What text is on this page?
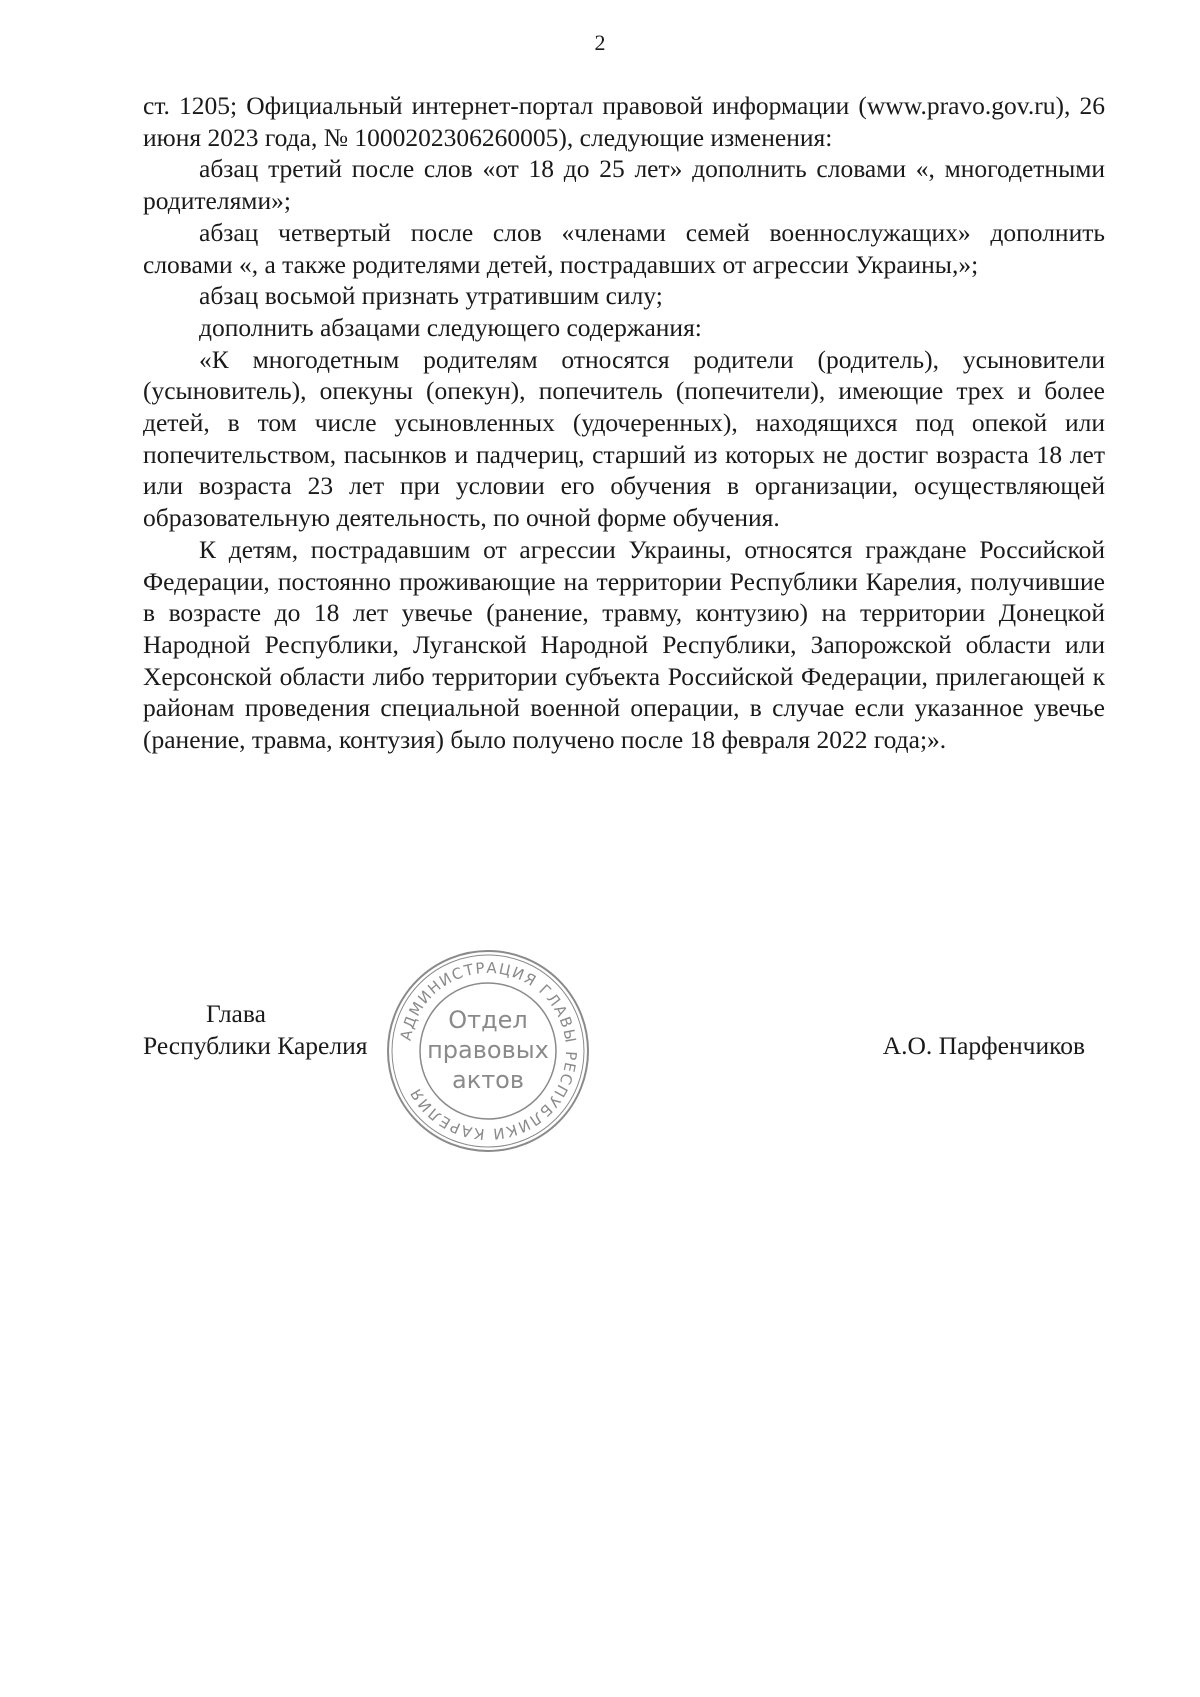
2

ст. 1205; Официальный интернет-портал правовой информации (www.pravo.gov.ru), 26 июня 2023 года, № 1000202306260005), следующие изменения:

абзац третий после слов «от 18 до 25 лет» дополнить словами «, многодетными родителями»;

абзац четвертый после слов «членами семей военнослужащих» дополнить словами «, а также родителями детей, пострадавших от агрессии Украины,»;

абзац восьмой признать утратившим силу;

дополнить абзацами следующего содержания:

«К многодетным родителям относятся родители (родитель), усыновители (усыновитель), опекуны (опекун), попечитель (попечители), имеющие трех и более детей, в том числе усыновленных (удочеренных), находящихся под опекой или попечительством, пасынков и падчериц, старший из которых не достиг возраста 18 лет или возраста 23 лет при условии его обучения в организации, осуществляющей образовательную деятельность, по очной форме обучения.

К детям, пострадавшим от агрессии Украины, относятся граждане Российской Федерации, постоянно проживающие на территории Республики Карелия, получившие в возрасте до 18 лет увечье (ранение, травму, контузию) на территории Донецкой Народной Республики, Луганской Народной Республики, Запорожской области или Херсонской области либо территории субъекта Российской Федерации, прилегающей к районам проведения специальной военной операции, в случае если указанное увечье (ранение, травма, контузия) было получено после 18 февраля 2022 года;».

Глава
Республики Карелия	А.О. Парфенчиков
АДМИНИСТРАЦИЯ ГЛАВЫ РЕСПУБЛИКИ КАРЕЛИЯ
Отдел
правовых
актов
